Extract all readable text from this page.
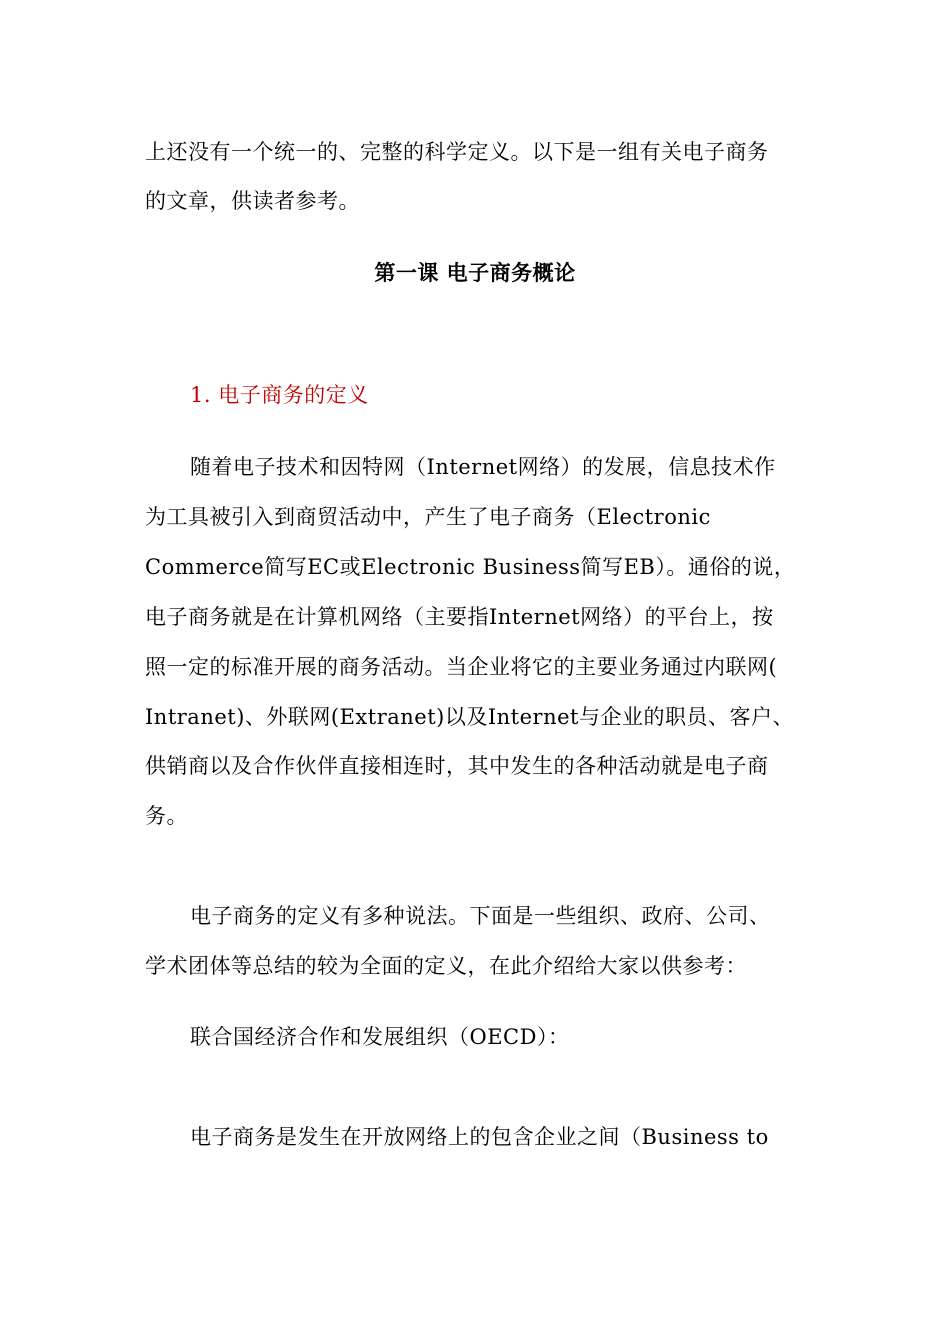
上还没有一个统一的、完整的科学定义。以下是一组有关电子商务
的文章，供读者参考。
第一课 电子商务概论
1. 电子商务的定义
随着电子技术和因特网（Internet网络）的发展，信息技术作
为工具被引入到商贸活动中，产生了电子商务（Electronic
Commerce简写EC或Electronic Business简写EB）。通俗的说，
电子商务就是在计算机网络（主要指Internet网络）的平台上，按
照一定的标准开展的商务活动。当企业将它的主要业务通过内联网(
Intranet)、外联网(Extranet)以及Internet与企业的职员、客户、
供销商以及合作伙伴直接相连时，其中发生的各种活动就是电子商
务。
电子商务的定义有多种说法。下面是一些组织、政府、公司、
学术团体等总结的较为全面的定义，在此介绍给大家以供参考：
联合国经济合作和发展组织（OECD）：
电子商务是发生在开放网络上的包含企业之间（Business to
